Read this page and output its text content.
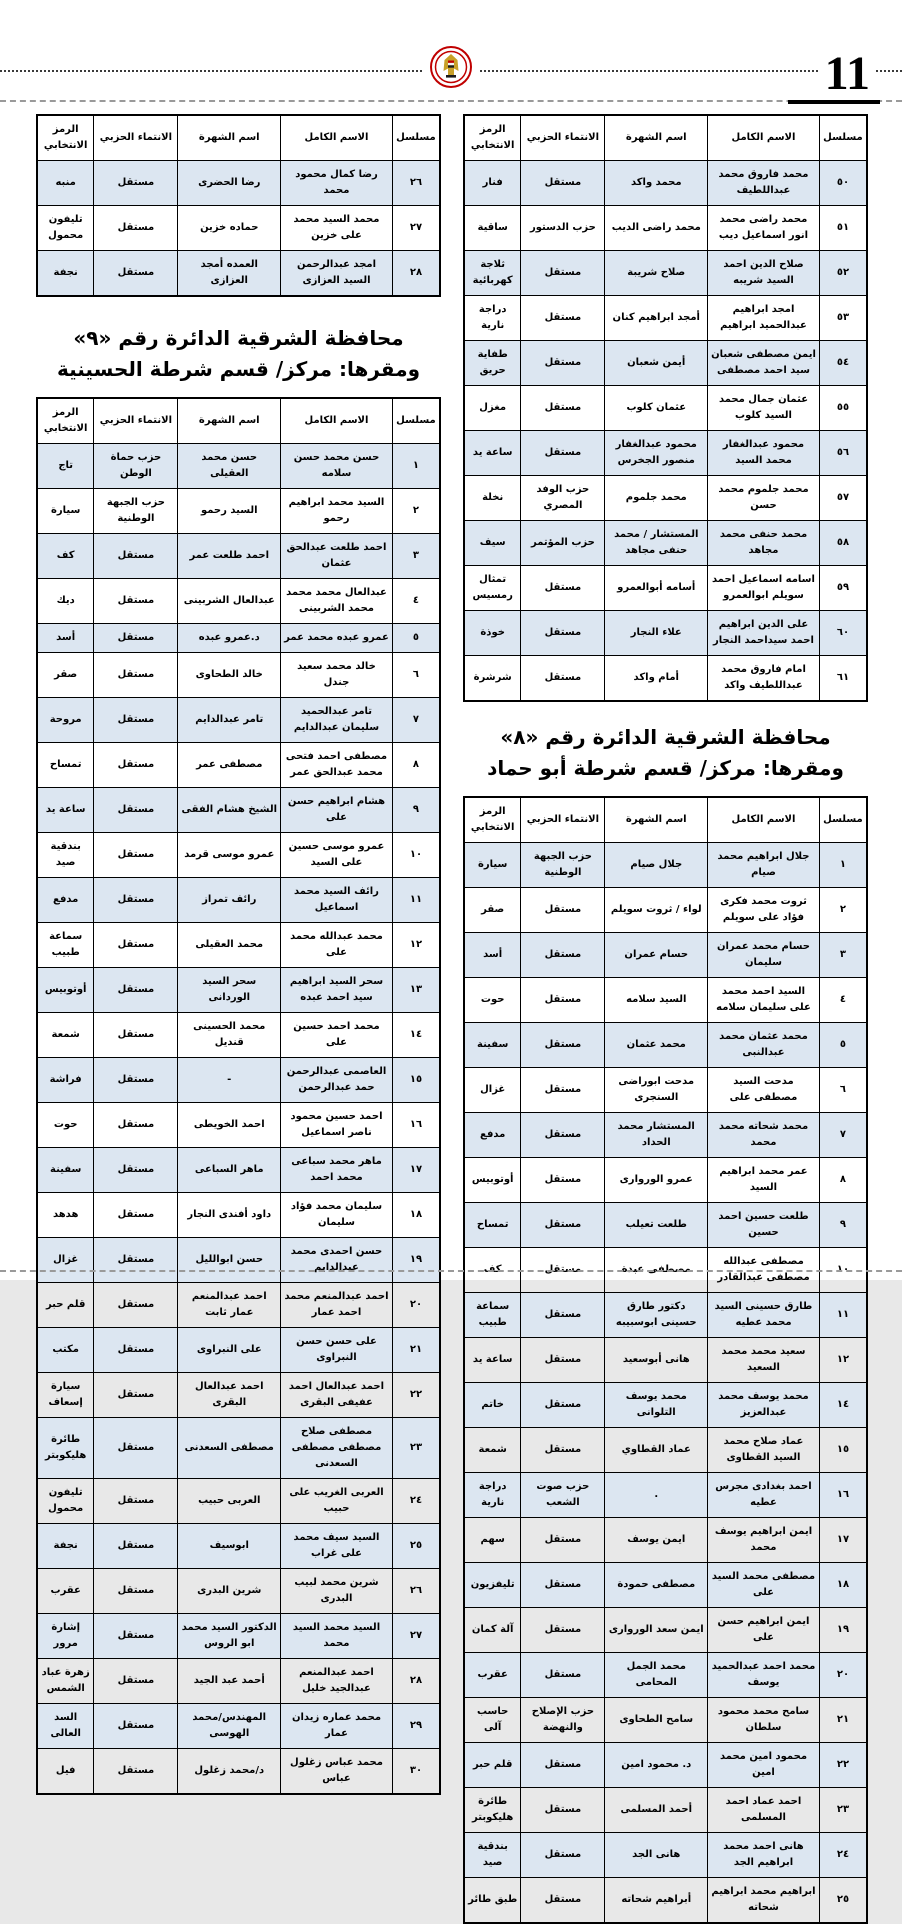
11
مسلسل	الاسم الكامل	اسم الشهرة	الانتماء الحزبي	الرمز الانتخابي
٥٠	محمد فاروق محمد عبداللطيف	محمد واكد	مستقل	فنار
٥١	محمد راضى محمد انور اسماعيل ديب	محمد راضى الديب	حزب الدستور	ساقية
٥٢	صلاح الدين احمد السيد شريبه	صلاح شريبة	مستقل	ثلاجة كهربائية
٥٣	امجد ابراهيم عبدالحميد ابراهيم	أمجد ابراهيم كنان	مستقل	دراجة نارية
٥٤	ايمن مصطفى شعبان سيد احمد مصطفى	أيمن شعبان	مستقل	طفاية حريق
٥٥	عثمان جمال محمد السيد كلوب	عثمان كلوب	مستقل	مغزل
٥٦	محمود عبدالغفار محمد السيد	محمود عبدالغفار منصور الجخرس	مستقل	ساعة يد
٥٧	محمد جلموم محمد حسن	محمد جلموم	حزب الوفد المصري	نخلة
٥٨	محمد حنفى محمد مجاهد	المستشار / محمد حنفى مجاهد	حزب المؤتمر	سيف
٥٩	اسامه اسماعيل احمد سويلم ابوالعمرو	أسامه أبوالعمرو	مستقل	تمثال رمسيس
٦٠	على الدين ابراهيم احمد سيداحمد النجار	علاء النجار	مستقل	خوذة
٦١	امام فاروق محمد عبداللطيف واكد	أمام واكد	مستقل	شرشرة
محافظة الشرقية الدائرة رقم «٨»
ومقرها: مركز/ قسم شرطة أبو حماد
مسلسل	الاسم الكامل	اسم الشهرة	الانتماء الحزبي	الرمز الانتخابي
١	جلال ابراهيم محمد صيام	جلال صيام	حزب الجبهة الوطنية	سيارة
٢	ثروت محمد فكرى فؤاد على سويلم	لواء / ثروت سويلم	مستقل	صقر
٣	حسام محمد عمران سليمان	حسام عمران	مستقل	أسد
٤	السيد احمد محمد على سليمان سلامه	السيد سلامه	مستقل	حوت
٥	محمد عثمان محمد عبدالنبى	محمد عثمان	مستقل	سفينة
٦	مدحت السيد مصطفى على	مدحت ابوراضى السنجرى	مستقل	غزال
٧	محمد شحاته محمد محمد	المستشار محمد الحداد	مستقل	مدفع
٨	عمر محمد ابراهيم السيد	عمرو الوروارى	مستقل	أوتوبيس
٩	طلعت حسين احمد حسين	طلعت تعيلب	مستقل	تمساح
١٠	مصطفى عبدالله مصطفى عبدالقادر	مصطفى عبدة	مستقل	كف
١١	طارق حسينى السيد محمد عطيه	دكتور طارق حسينى ابوسبيبه	مستقل	سماعة طبيب
١٢	سعيد محمد محمد السعيد	هانى أبوسعيد	مستقل	ساعة يد
١٤	محمد يوسف محمد عبدالعزيز	محمد يوسف التلوانى	مستقل	خاتم
١٥	عماد صلاح محمد السيد القطاوى	عماد القطاوي	مستقل	شمعة
١٦	احمد بغدادى مجرس عطيه	.	حزب صوت الشعب	دراجة نارية
١٧	ايمن ابراهيم يوسف محمد	ايمن يوسف	مستقل	سهم
١٨	مصطفى محمد السيد على	مصطفى حمودة	مستقل	تليفزيون
١٩	ايمن ابراهيم حسن على	ايمن سعد الوروارى	مستقل	آلة كمان
٢٠	محمد احمد عبدالحميد يوسف	محمد الجمل المحامى	مستقل	عقرب
٢١	سامح محمد محمود سلطان	سامح الطحاوى	حزب الإصلاح والنهضة	حاسب آلى
٢٢	محمود امين محمد امين	د. محمود امين	مستقل	قلم حبر
٢٣	احمد عماد احمد المسلمى	أحمد المسلمى	مستقل	طائرة هليكوبتر
٢٤	هانى احمد محمد ابراهيم الجد	هانى الجد	مستقل	بندقية صيد
٢٥	ابراهيم محمد ابراهيم شحاته	أبراهيم شحاته	مستقل	طبق طائر
مسلسل	الاسم الكامل	اسم الشهرة	الانتماء الحزبي	الرمز الانتخابي
٢٦	رضا كمال محمود محمد	رضا الحضرى	مستقل	منبه
٢٧	محمد السيد محمد على خزين	حماده خزين	مستقل	تليفون محمول
٢٨	امجد عبدالرحمن السيد العزازى	العمده أمجد العزازى	مستقل	نجفة
محافظة الشرقية الدائرة رقم «٩»
ومقرها: مركز/ قسم شرطة الحسينية
مسلسل	الاسم الكامل	اسم الشهرة	الانتماء الحزبي	الرمز الانتخابي
١	حسن محمد حسن سلامه	حسن محمد العقيلى	حزب حماة الوطن	تاج
٢	السيد محمد ابراهيم رحمو	السيد رحمو	حزب الجبهة الوطنية	سيارة
٣	احمد طلعت عبدالحق عثمان	احمد طلعت عمر	مستقل	كف
٤	عبدالعال محمد محمد محمد الشربينى	عبدالعال الشربينى	مستقل	ديك
٥	عمرو عبده محمد عمر	د.عمرو عبده	مستقل	أسد
٦	خالد محمد سعيد جندل	خالد الطحاوى	مستقل	صقر
٧	تامر عبدالحميد سليمان عبدالدايم	تامر عبدالدايم	مستقل	مروحة
٨	مصطفى احمد فتحى محمد عبدالحق عمر	مصطفى عمر	مستقل	تمساح
٩	هشام ابراهيم حسن على	الشيخ هشام الفقى	مستقل	ساعة يد
١٠	عمرو موسى حسين على السيد	عمرو موسى قرمد	مستقل	بندقية صيد
١١	رائف السيد محمد اسماعيل	رائف تمراز	مستقل	مدفع
١٢	محمد عبدالله محمد على	محمد العقيلى	مستقل	سماعة طبيب
١٣	سحر السيد ابراهيم سيد احمد عبده	سحر السيد الوردانى	مستقل	أوتوبيس
١٤	محمد احمد حسين على	محمد الحسينى قنديل	مستقل	شمعة
١٥	العاصمى عبدالرحمن حمد عبدالرحمن	-	مستقل	فراشة
١٦	احمد حسين محمود ناصر اسماعيل	احمد الخويطى	مستقل	حوت
١٧	ماهر محمد سباعى محمد احمد	ماهر السباعى	مستقل	سفينة
١٨	سليمان محمد فؤاد سليمان	داود أفندى النجار	مستقل	هدهد
١٩	حسن احمدى محمد عبدالدايم	حسن ابوالليل	مستقل	غزال
٢٠	احمد عبدالمنعم محمد احمد عمار	احمد عبدالمنعم عمار ثابت	مستقل	قلم حبر
٢١	على حسن حسن النبراوى	على النبراوى	مستقل	مكتب
٢٢	احمد عبدالعال احمد عفيفى البقرى	احمد عبدالعال البقرى	مستقل	سيارة إسعاف
٢٣	مصطفى صلاح مصطفى مصطفى السعدنى	مصطفى السعدنى	مستقل	طائرة هليكوبتر
٢٤	العربى الغريب على حبيب	العربى حبيب	مستقل	تليفون محمول
٢٥	السيد سيف محمد على غراب	ابوسيف	مستقل	نجفة
٢٦	شرين محمد لبيب البدرى	شرين البدرى	مستقل	عقرب
٢٧	السيد محمد السيد محمد	الدكتور السيد محمد ابو الروس	مستقل	إشارة مرور
٢٨	احمد عبدالمنعم عبدالجيد خليل	أحمد عبد الجيد	مستقل	زهرة عباد الشمس
٢٩	محمد عماره زيدان عمار	المهندس/محمد الهوسى	مستقل	السد العالى
٣٠	محمد عباس زغلول عباس	د/محمد زغلول	مستقل	فيل
